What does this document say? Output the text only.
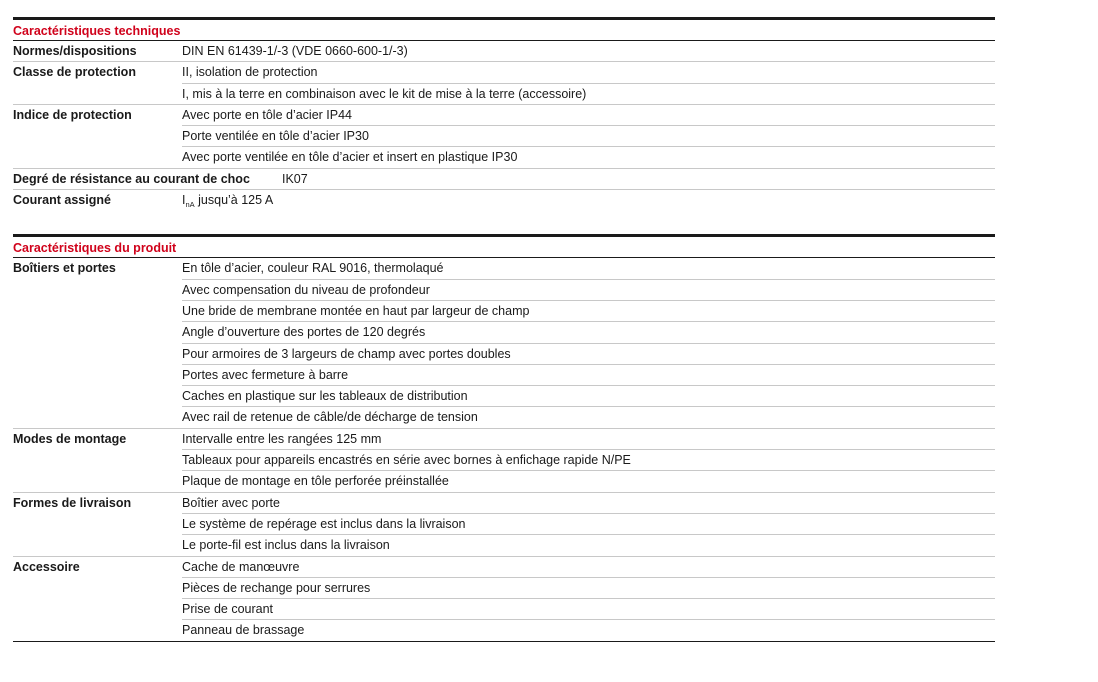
Caractéristiques techniques
Normes/dispositions	DIN EN 61439-1/-3 (VDE 0660-600-1/-3)
Classe de protection	II, isolation de protection
I, mis à la terre en combinaison avec le kit de mise à la terre (accessoire)
Indice de protection	Avec porte en tôle d’acier IP44
Porte ventilée en tôle d’acier IP30
Avec porte ventilée en tôle d’acier et insert en plastique IP30
Degré de résistance au courant de choc	IK07
Courant assigné	$I_{nA}$ jusqu’à 125 A
Caractéristiques du produit
Boîtiers et portes	En tôle d’acier, couleur RAL 9016, thermolaqué
Avec compensation du niveau de profondeur
Une bride de membrane montée en haut par largeur de champ
Angle d’ouverture des portes de 120 degrés
Pour armoires de 3 largeurs de champ avec portes doubles
Portes avec fermeture à barre
Caches en plastique sur les tableaux de distribution
Avec rail de retenue de câble/de décharge de tension
Modes de montage	Intervalle entre les rangées 125 mm
Tableaux pour appareils encastrés en série avec bornes à enfichage rapide N/PE
Plaque de montage en tôle perforée préinstallée
Formes de livraison	Boîtier avec porte
Le système de repérage est inclus dans la livraison
Le porte-fil est inclus dans la livraison
Accessoire	Cache de manœuvre
Pièces de rechange pour serrures
Prise de courant
Panneau de brassage
